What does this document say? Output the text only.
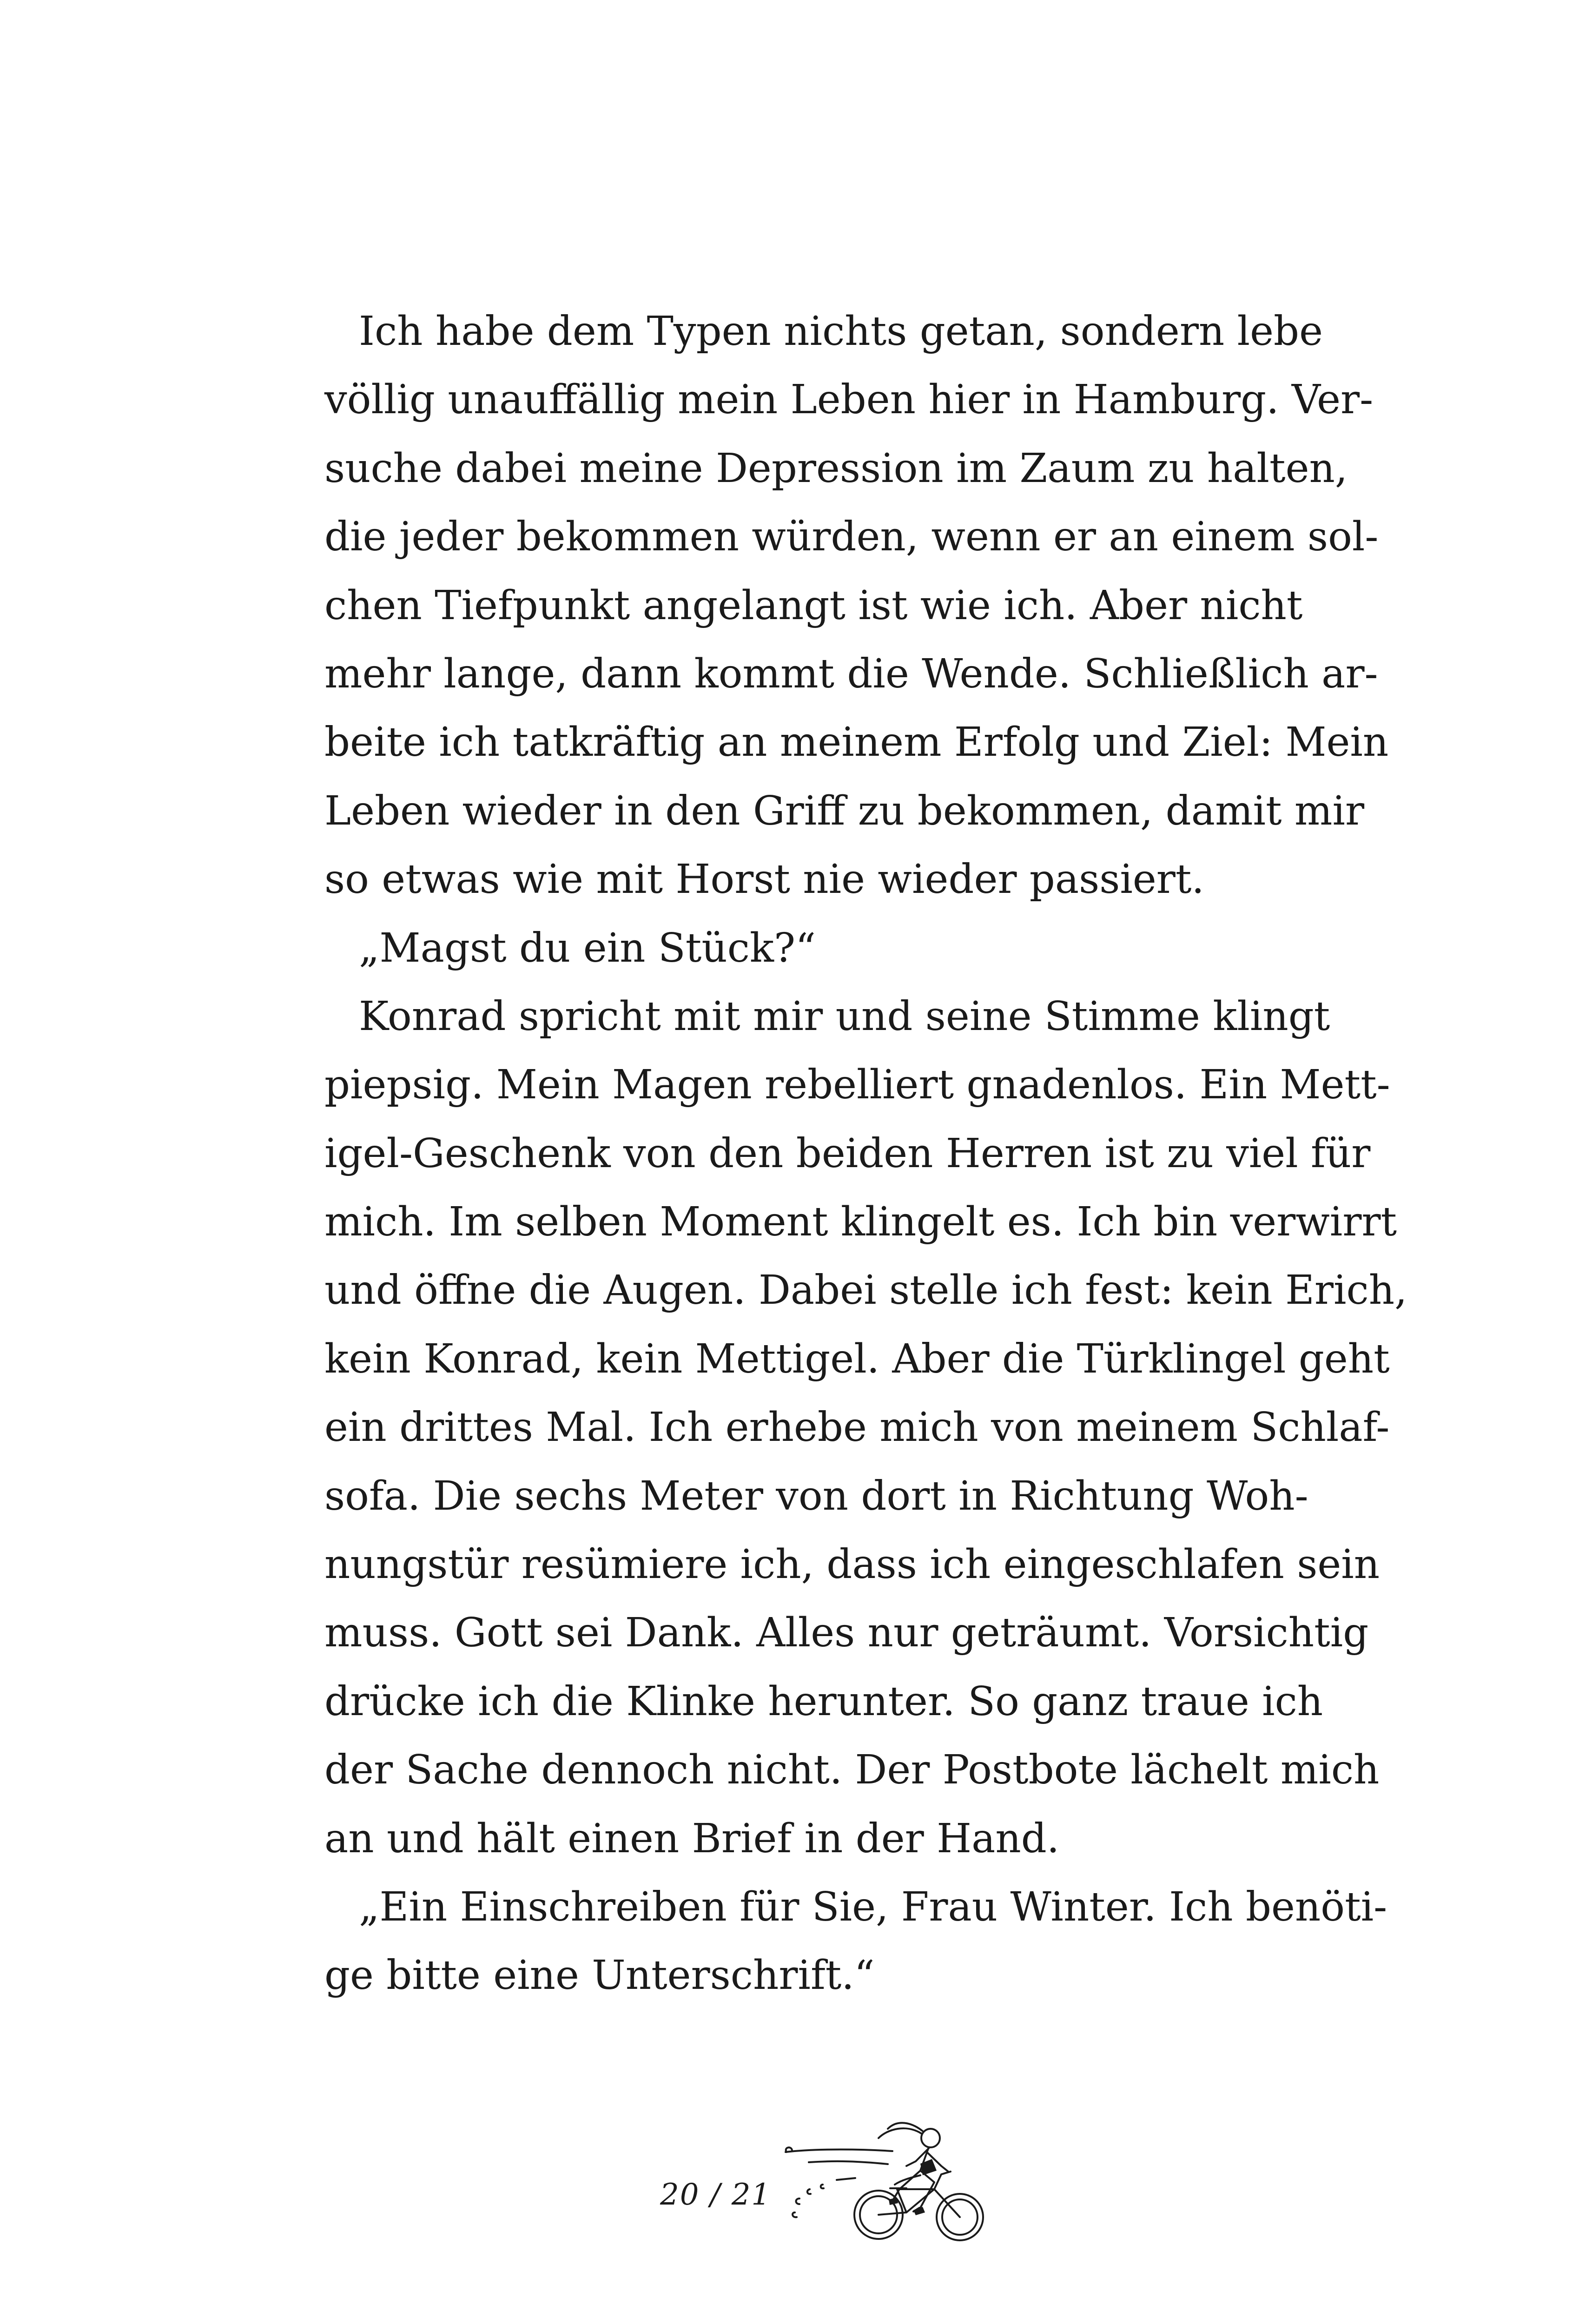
Ich habe dem Typen nichts getan, sondern lebe
völlig unauffällig mein Leben hier in Hamburg. Ver-
suche dabei meine Depression im Zaum zu halten,
die jeder bekommen würden, wenn er an einem sol-
chen Tiefpunkt angelangt ist wie ich. Aber nicht
mehr lange, dann kommt die Wende. Schließlich ar-
beite ich tatkräftig an meinem Erfolg und Ziel: Mein
Leben wieder in den Griff zu bekommen, damit mir
so etwas wie mit Horst nie wieder passiert.
„Magst du ein Stück?“
Konrad spricht mit mir und seine Stimme klingt
piepsig. Mein Magen rebelliert gnadenlos. Ein Mett-
igel-Geschenk von den beiden Herren ist zu viel für
mich. Im selben Moment klingelt es. Ich bin verwirrt
und öffne die Augen. Dabei stelle ich fest: kein Erich,
kein Konrad, kein Mettigel. Aber die Türklingel geht
ein drittes Mal. Ich erhebe mich von meinem Schlaf-
sofa. Die sechs Meter von dort in Richtung Woh-
nungstür resümiere ich, dass ich eingeschlafen sein
muss. Gott sei Dank. Alles nur geträumt. Vorsichtig
drücke ich die Klinke herunter. So ganz traue ich
der Sache dennoch nicht. Der Postbote lächelt mich
an und hält einen Brief in der Hand.
„Ein Einschreiben für Sie, Frau Winter. Ich benöti-
ge bitte eine Unterschrift.“
20 / 21
